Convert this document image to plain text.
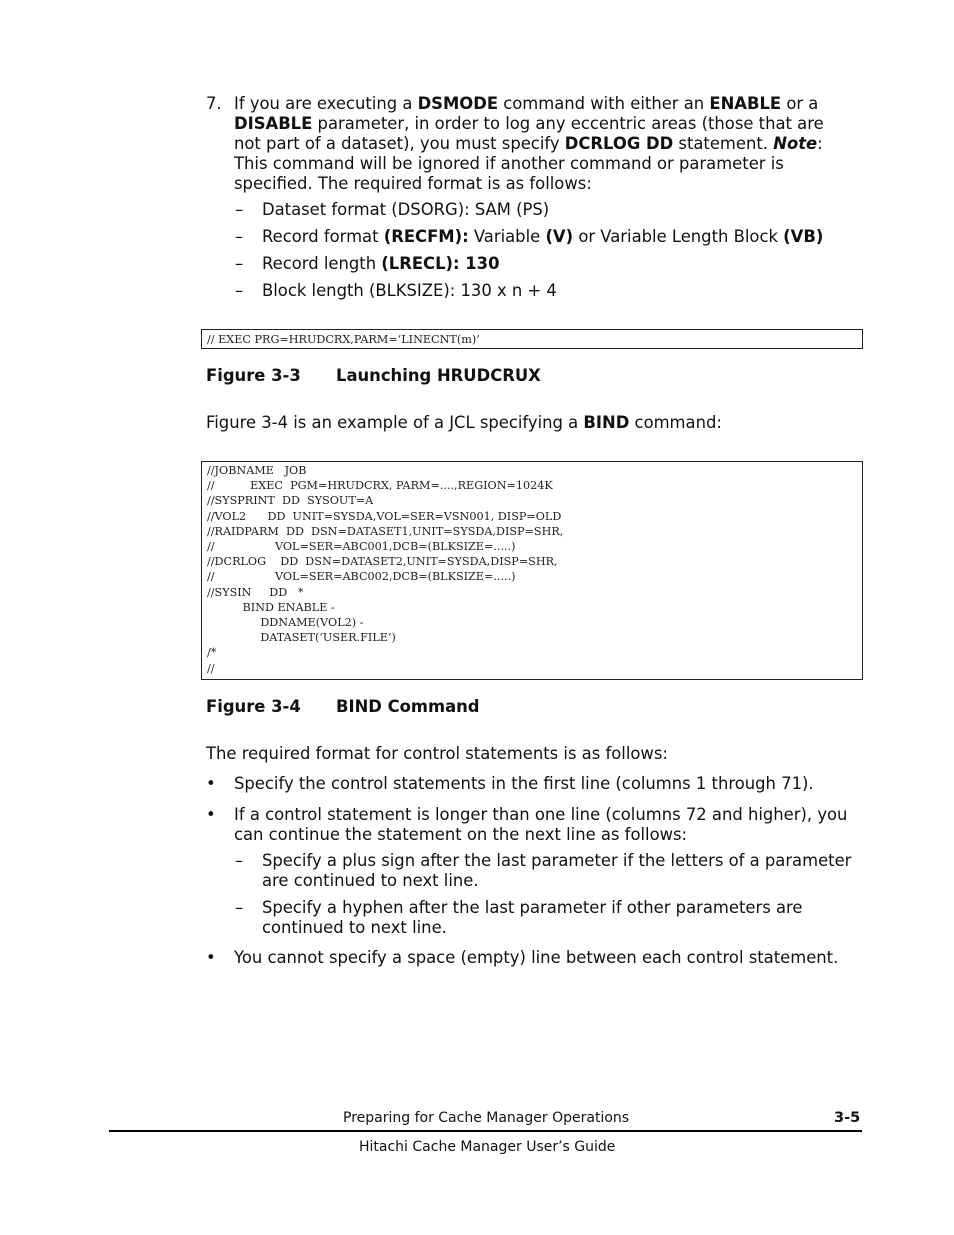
7. If you are executing a DSMODE command with either an ENABLE or a
DISABLE parameter, in order to log any eccentric areas (those that are
not part of a dataset), you must specify DCRLOG DD statement. Note:
This command will be ignored if another command or parameter is
specified. The required format is as follows:
– Dataset format (DSORG): SAM (PS)
– Record format (RECFM): Variable (V) or Variable Length Block (VB)
– Record length (LRECL): 130
– Block length (BLKSIZE): 130 x n + 4
// EXEC PRG=HRUDCRX,PARM=‘LINECNT(m)’
Figure 3-3 Launching HRUDCRUX
Figure 3-4 is an example of a JCL specifying a BIND command:
//JOBNAME   JOB
//          EXEC  PGM=HRUDCRX, PARM=....,REGION=1024K
//SYSPRINT  DD  SYSOUT=A
//VOL2      DD  UNIT=SYSDA,VOL=SER=VSN001, DISP=OLD
//RAIDPARM  DD  DSN=DATASET1,UNIT=SYSDA,DISP=SHR,
//                 VOL=SER=ABC001,DCB=(BLKSIZE=.....)
//DCRLOG    DD  DSN=DATASET2,UNIT=SYSDA,DISP=SHR,
//                 VOL=SER=ABC002,DCB=(BLKSIZE=.....)
//SYSIN     DD   *
BIND ENABLE -
DDNAME(VOL2) -
DATASET(‘USER.FILE’)
/*
//
Figure 3-4 BIND Command
The required format for control statements is as follows:
• Specify the control statements in the first line (columns 1 through 71).
• If a control statement is longer than one line (columns 72 and higher), you
can continue the statement on the next line as follows:
– Specify a plus sign after the last parameter if the letters of a parameter
are continued to next line.
– Specify a hyphen after the last parameter if other parameters are
continued to next line.
• You cannot specify a space (empty) line between each control statement.
Preparing for Cache Manager Operations	3-5
Hitachi Cache Manager User’s Guide
